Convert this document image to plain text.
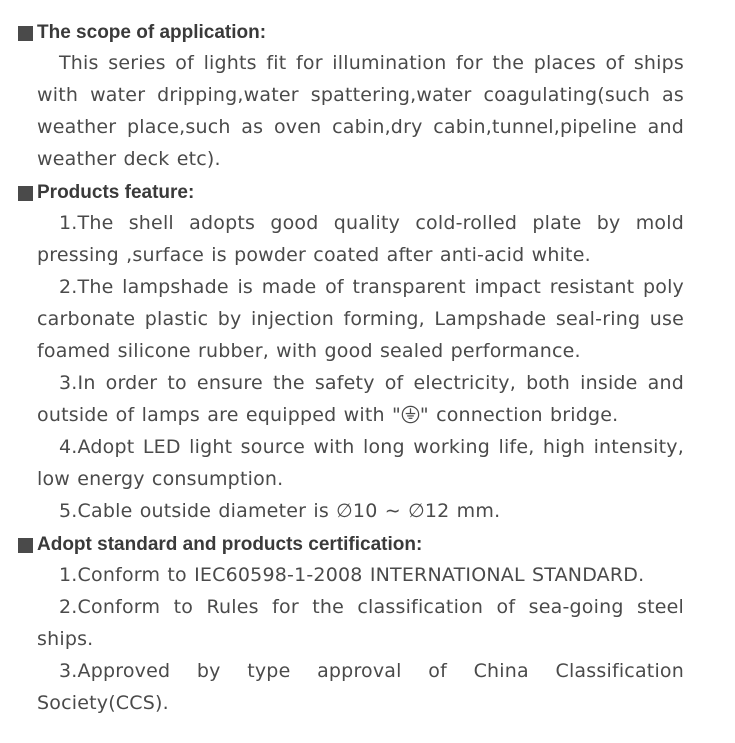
The scope of application:
This series of lights fit for illumination for the places of ships with water dripping,water spattering,water coagulating(such as weather place,such as oven cabin,dry cabin,tunnel,pipeline and weather deck etc).
Products feature:
1.The shell adopts good quality cold-rolled plate by mold pressing ,surface is powder coated after anti-acid white.
2.The lampshade is made of transparent impact resistant poly carbonate plastic by injection forming, Lampshade seal-ring use foamed silicone rubber, with good sealed performance.
3.In order to ensure the safety of electricity, both inside and outside of lamps are equipped with " " connection bridge.
4.Adopt LED light source with long working life, high intensity, low energy consumption.
5.Cable outside diameter is ∅10 ∼ ∅12 mm.
Adopt standard and products certification:
1.Conform to IEC60598-1-2008 INTERNATIONAL STANDARD.
2.Conform to Rules for the classification of sea-going steel ships.
3.Approved by type approval of China Classification Society(CCS).
